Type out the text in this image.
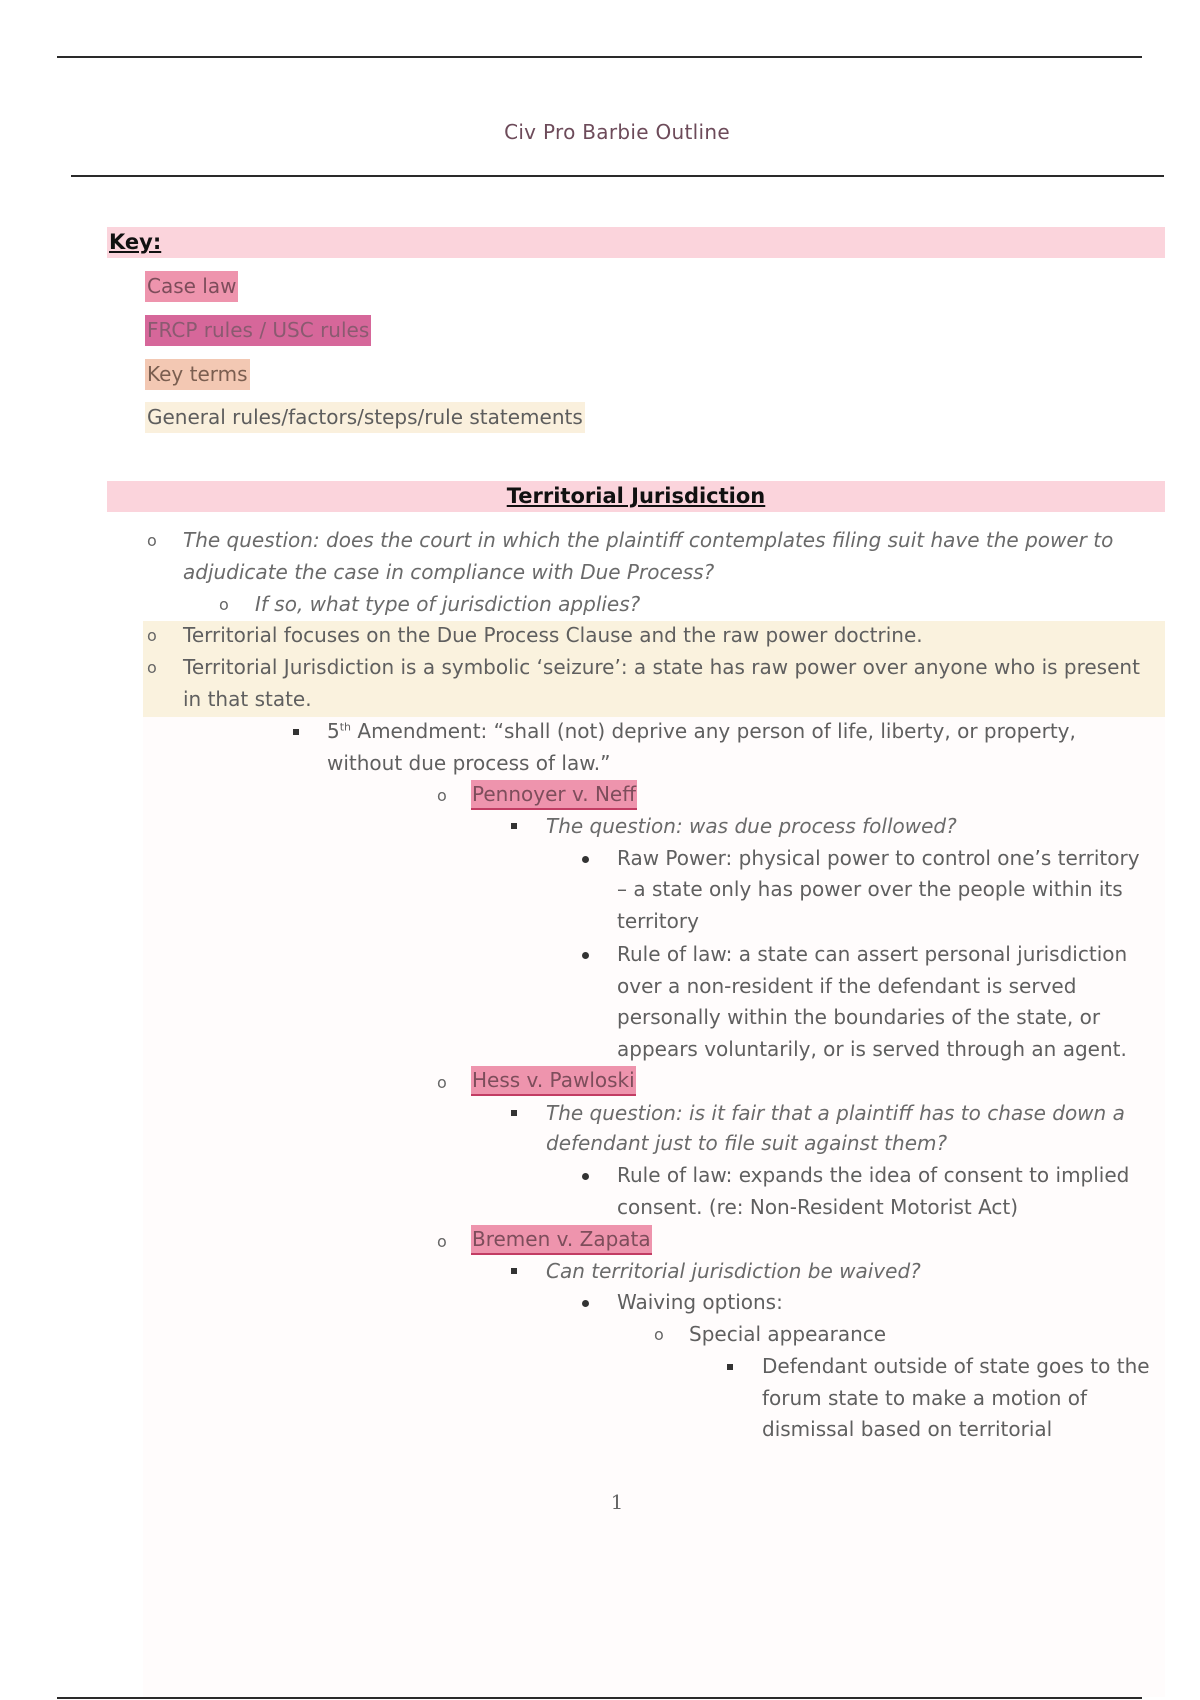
Civ Pro Barbie Outline
Key:
Case law
FRCP rules / USC rules
Key terms
General rules/factors/steps/rule statements
Territorial Jurisdiction
o The question: does the court in which the plaintiff contemplates filing suit have the power to
adjudicate the case in compliance with Due Process?
o If so, what type of jurisdiction applies?
o Territorial focuses on the Due Process Clause and the raw power doctrine.
o Territorial Jurisdiction is a symbolic ‘seizure’: a state has raw power over anyone who is present
in that state.
5th Amendment: “shall (not) deprive any person of life, liberty, or property,
without due process of law.”
o Pennoyer v. Neff
The question: was due process followed?
Raw Power: physical power to control one’s territory
– a state only has power over the people within its
territory
Rule of law: a state can assert personal jurisdiction
over a non-resident if the defendant is served
personally within the boundaries of the state, or
appears voluntarily, or is served through an agent.
o Hess v. Pawloski
The question: is it fair that a plaintiff has to chase down a
defendant just to file suit against them?
Rule of law: expands the idea of consent to implied
consent. (re: Non-Resident Motorist Act)
o Bremen v. Zapata
Can territorial jurisdiction be waived?
Waiving options:
o Special appearance
Defendant outside of state goes to the
forum state to make a motion of
dismissal based on territorial
1
